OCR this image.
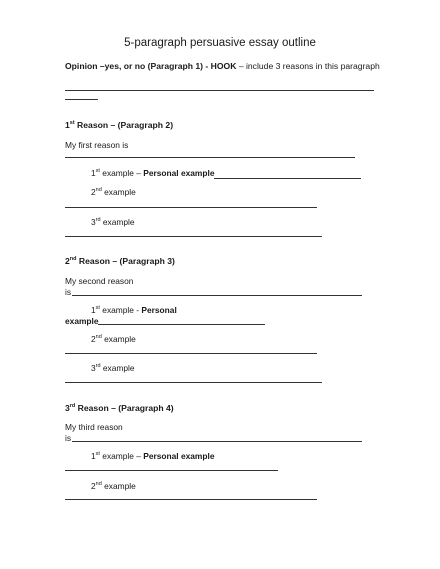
5-paragraph persuasive essay outline
Opinion –yes, or no (Paragraph 1) - HOOK – include 3 reasons in this paragraph
1st Reason – (Paragraph 2)
My first reason is
1st example – Personal example
2nd example
3rd example
2nd Reason – (Paragraph 3)
My second reason
is
1st example - Personal
example
2nd example
3rd example
3rd Reason – (Paragraph 4)
My third reason
is
1st example – Personal example
2nd example
